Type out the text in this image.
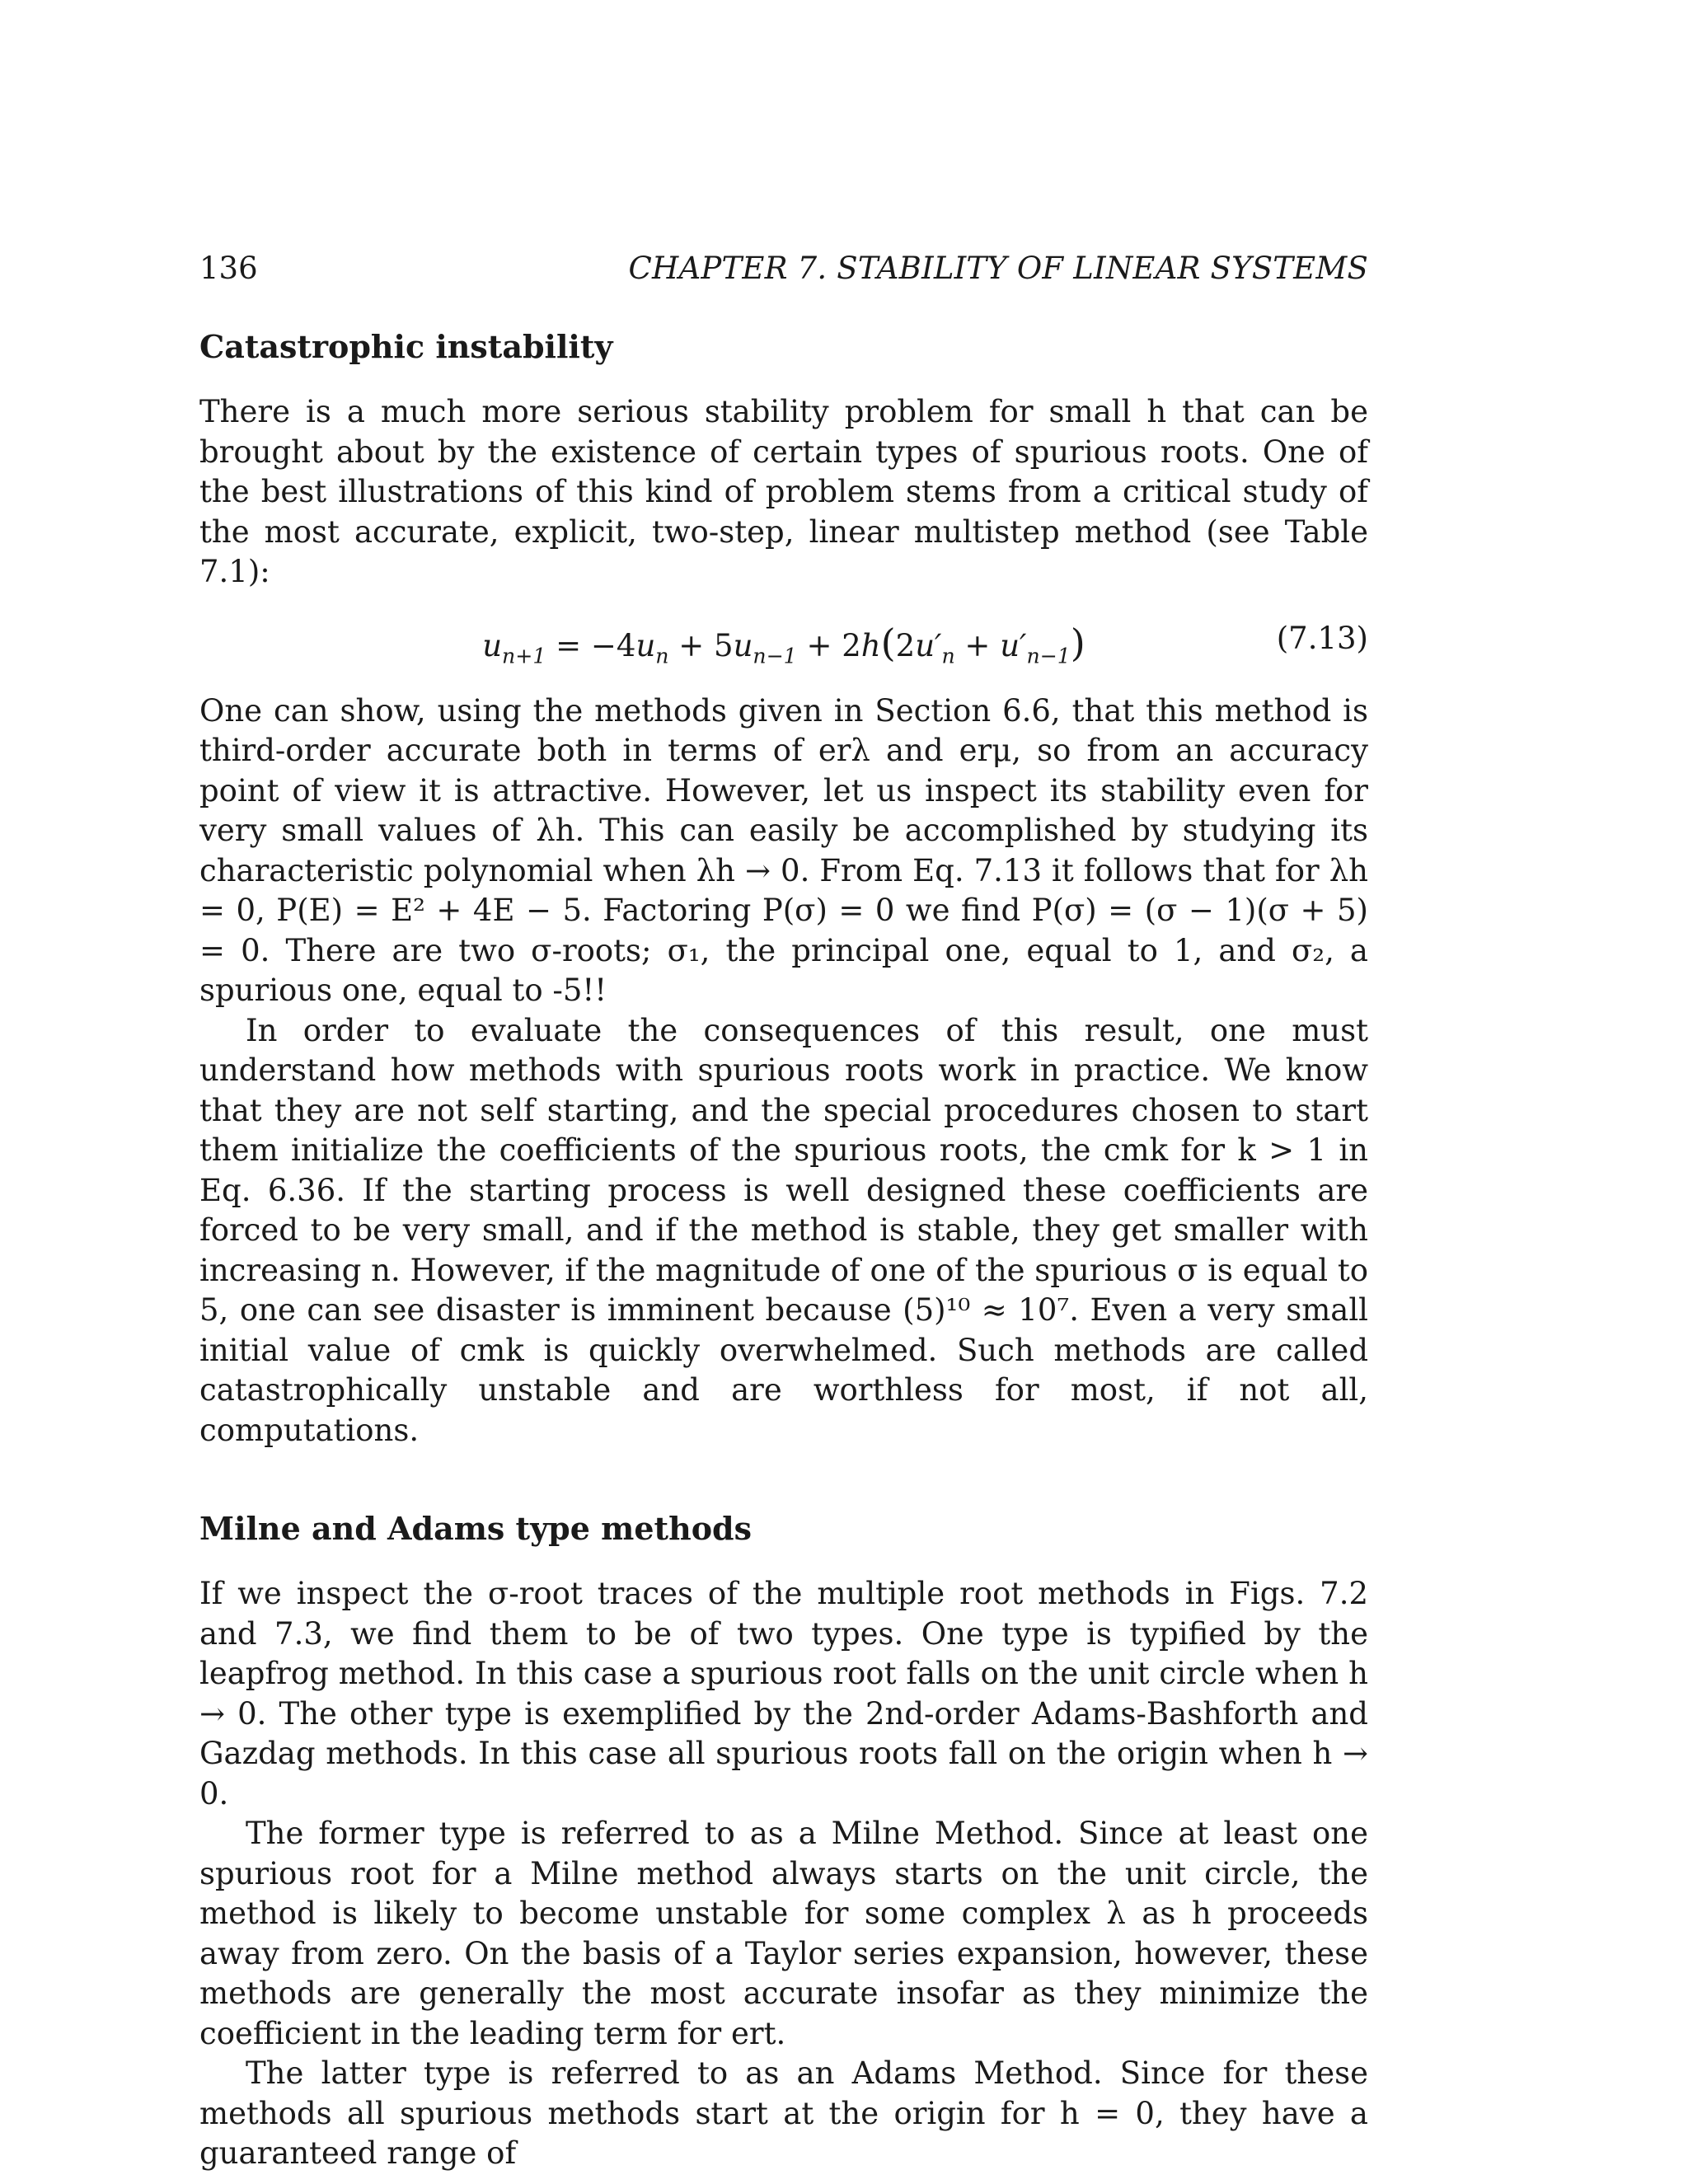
136	CHAPTER 7. STABILITY OF LINEAR SYSTEMS
Catastrophic instability

There is a much more serious stability problem for small h that can be brought about by the existence of certain types of spurious roots. One of the best illustrations of this kind of problem stems from a critical study of the most accurate, explicit, two-step, linear multistep method (see Table 7.1):

$u_{n+1} = -4u_n + 5u_{n-1} + 2h(2u'_n + u'_{n-1})$	(7.13)

One can show, using the methods given in Section 6.6, that this method is third-order accurate both in terms of erλ and erμ, so from an accuracy point of view it is attractive. However, let us inspect its stability even for very small values of λh. This can easily be accomplished by studying its characteristic polynomial when λh → 0. From Eq. 7.13 it follows that for λh = 0, P(E) = E² + 4E − 5. Factoring P(σ) = 0 we find P(σ) = (σ − 1)(σ + 5) = 0. There are two σ-roots; σ₁, the principal one, equal to 1, and σ₂, a spurious one, equal to -5!!

In order to evaluate the consequences of this result, one must understand how methods with spurious roots work in practice. We know that they are not self starting, and the special procedures chosen to start them initialize the coefficients of the spurious roots, the cmk for k > 1 in Eq. 6.36. If the starting process is well designed these coefficients are forced to be very small, and if the method is stable, they get smaller with increasing n. However, if the magnitude of one of the spurious σ is equal to 5, one can see disaster is imminent because (5)¹⁰ ≈ 10⁷. Even a very small initial value of cmk is quickly overwhelmed. Such methods are called catastrophically unstable and are worthless for most, if not all, computations.

Milne and Adams type methods

If we inspect the σ-root traces of the multiple root methods in Figs. 7.2 and 7.3, we find them to be of two types. One type is typified by the leapfrog method. In this case a spurious root falls on the unit circle when h → 0. The other type is exemplified by the 2nd-order Adams-Bashforth and Gazdag methods. In this case all spurious roots fall on the origin when h → 0.

The former type is referred to as a Milne Method. Since at least one spurious root for a Milne method always starts on the unit circle, the method is likely to become unstable for some complex λ as h proceeds away from zero. On the basis of a Taylor series expansion, however, these methods are generally the most accurate insofar as they minimize the coefficient in the leading term for ert.

The latter type is referred to as an Adams Method. Since for these methods all spurious methods start at the origin for h = 0, they have a guaranteed range of
